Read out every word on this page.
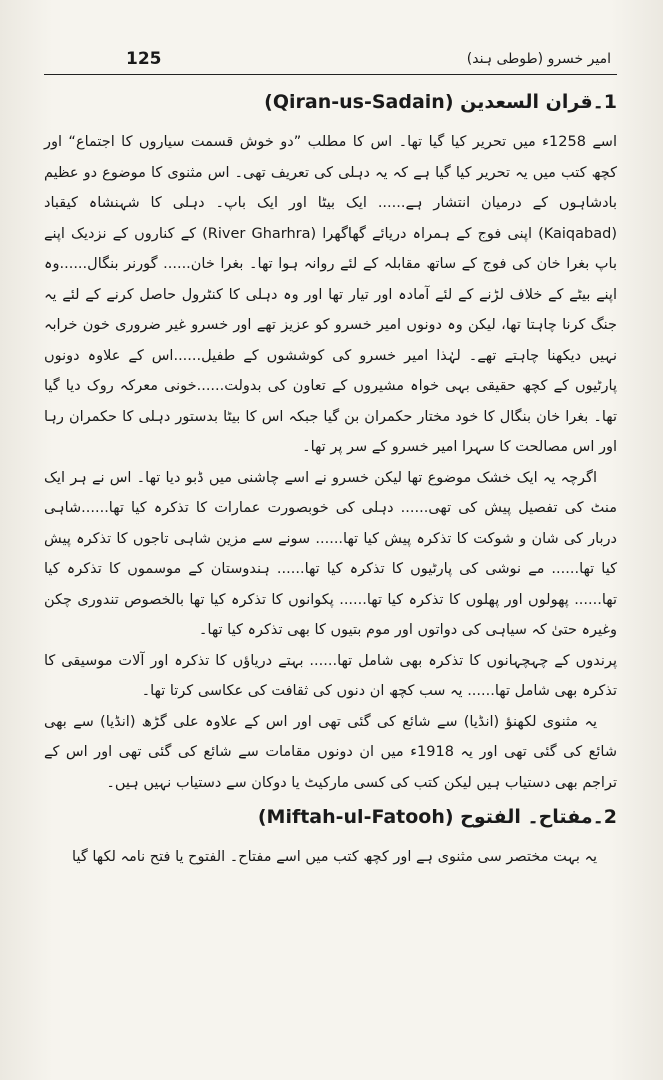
125	امیر خسرو (طوطی ہند)
1۔قران السعدین (Qiran-us-Sadain)

اسے 1258ء میں تحریر کیا گیا تھا۔ اس کا مطلب ”دو خوش قسمت سیاروں کا اجتماع“ اور کچھ کتب میں یہ تحریر کیا گیا ہے کہ یہ دہلی کی تعریف تھی۔ اس مثنوی کا موضوع دو عظیم بادشاہوں کے درمیان انتشار ہے...... ایک بیٹا اور ایک باپ۔ دہلی کا شہنشاہ کیقباد (Kaiqabad) اپنی فوج کے ہمراہ دریائے گھاگھرا (River Gharhra) کے کناروں کے نزدیک اپنے باپ بغرا خان کی فوج کے ساتھ مقابلہ کے لئے روانہ ہوا تھا۔ بغرا خان...... گورنر بنگال......وہ اپنے بیٹے کے خلاف لڑنے کے لئے آمادہ اور تیار تھا اور وہ دہلی کا کنٹرول حاصل کرنے کے لئے یہ جنگ کرنا چاہتا تھا، لیکن وہ دونوں امیر خسرو کو عزیز تھے اور خسرو غیر ضروری خون خرابہ نہیں دیکھنا چاہتے تھے۔ لہٰذا امیر خسرو کی کوششوں کے طفیل......اس کے علاوہ دونوں پارٹیوں کے کچھ حقیقی بہی خواہ مشیروں کے تعاون کی بدولت......خونی معرکہ روک دیا گیا تھا۔ بغرا خان بنگال کا خود مختار حکمران بن گیا جبکہ اس کا بیٹا بدستور دہلی کا حکمران رہا اور اس مصالحت کا سہرا امیر خسرو کے سر پر تھا۔

اگرچہ یہ ایک خشک موضوع تھا لیکن خسرو نے اسے چاشنی میں ڈبو دیا تھا۔ اس نے ہر ایک منٹ کی تفصیل پیش کی تھی...... دہلی کی خوبصورت عمارات کا تذکرہ کیا تھا......شاہی دربار کی شان و شوکت کا تذکرہ پیش کیا تھا...... سونے سے مزین شاہی تاجوں کا تذکرہ پیش کیا تھا...... مے نوشی کی پارٹیوں کا تذکرہ کیا تھا...... ہندوستان کے موسموں کا تذکرہ کیا تھا...... پھولوں اور پھلوں کا تذکرہ کیا تھا...... پکوانوں کا تذکرہ کیا تھا بالخصوص تندوری چکن وغیرہ حتیٰ کہ سیاہی کی دواتوں اور موم بتیوں کا بھی تذکرہ کیا تھا۔

پرندوں کے چہچہانوں کا تذکرہ بھی شامل تھا...... بہتے دریاؤں کا تذکرہ اور آلات موسیقی کا تذکرہ بھی شامل تھا...... یہ سب کچھ ان دنوں کی ثقافت کی عکاسی کرتا تھا۔

یہ مثنوی لکھنؤ (انڈیا) سے شائع کی گئی تھی اور اس کے علاوہ علی گڑھ (انڈیا) سے بھی شائع کی گئی تھی اور یہ 1918ء میں ان دونوں مقامات سے شائع کی گئی تھی اور اس کے تراجم بھی دستیاب ہیں لیکن کتب کی کسی مارکیٹ یا دوکان سے دستیاب نہیں ہیں۔

2۔مفتاح۔ الفتوح (Miftah-ul-Fatooh)

یہ بہت مختصر سی مثنوی ہے اور کچھ کتب میں اسے مفتاح۔ الفتوح یا فتح نامہ لکھا گیا
